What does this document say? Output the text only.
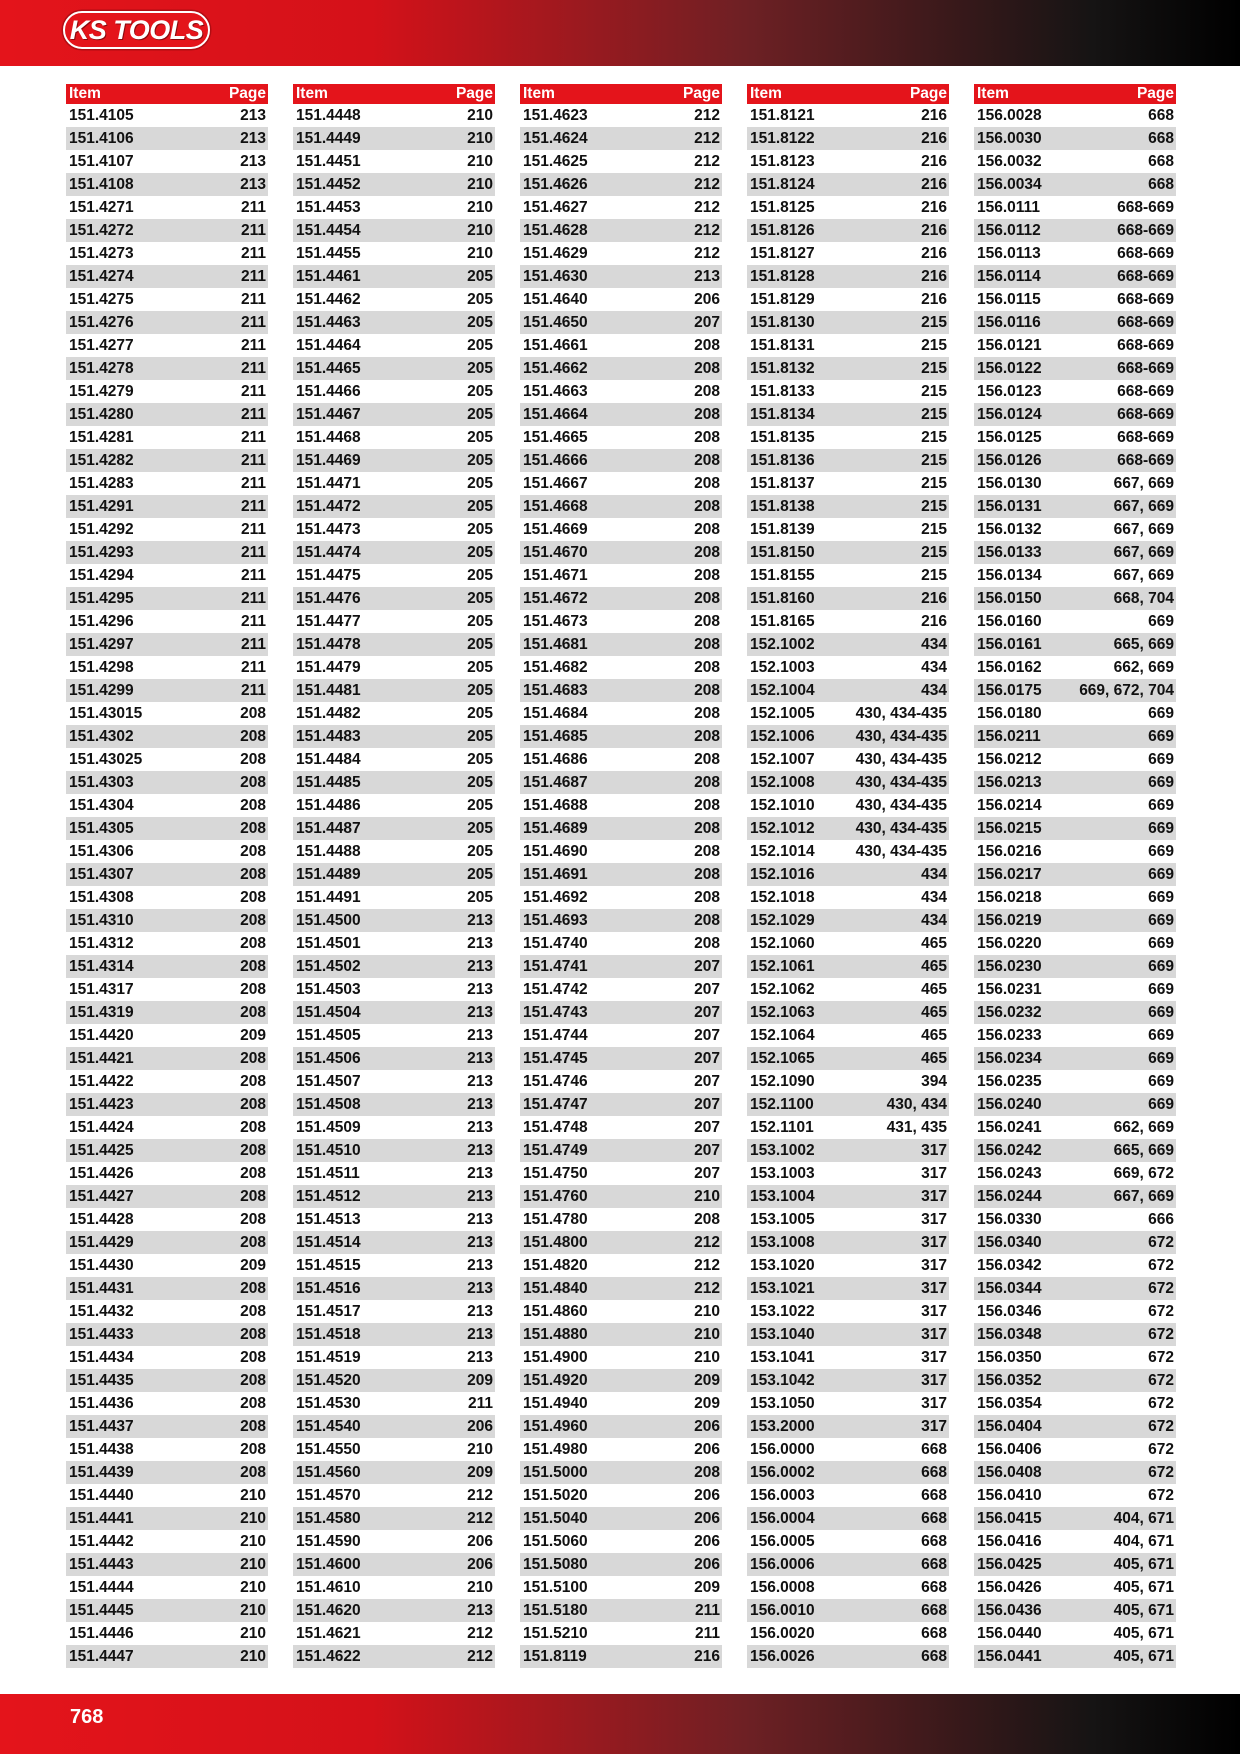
KS TOOLS
Item	Page
151.4105	213
151.4106	213
151.4107	213
151.4108	213
151.4271	211
151.4272	211
151.4273	211
151.4274	211
151.4275	211
151.4276	211
151.4277	211
151.4278	211
151.4279	211
151.4280	211
151.4281	211
151.4282	211
151.4283	211
151.4291	211
151.4292	211
151.4293	211
151.4294	211
151.4295	211
151.4296	211
151.4297	211
151.4298	211
151.4299	211
151.43015	208
151.4302	208
151.43025	208
151.4303	208
151.4304	208
151.4305	208
151.4306	208
151.4307	208
151.4308	208
151.4310	208
151.4312	208
151.4314	208
151.4317	208
151.4319	208
151.4420	209
151.4421	208
151.4422	208
151.4423	208
151.4424	208
151.4425	208
151.4426	208
151.4427	208
151.4428	208
151.4429	208
151.4430	209
151.4431	208
151.4432	208
151.4433	208
151.4434	208
151.4435	208
151.4436	208
151.4437	208
151.4438	208
151.4439	208
151.4440	210
151.4441	210
151.4442	210
151.4443	210
151.4444	210
151.4445	210
151.4446	210
151.4447	210
Item	Page
151.4448	210
151.4449	210
151.4451	210
151.4452	210
151.4453	210
151.4454	210
151.4455	210
151.4461	205
151.4462	205
151.4463	205
151.4464	205
151.4465	205
151.4466	205
151.4467	205
151.4468	205
151.4469	205
151.4471	205
151.4472	205
151.4473	205
151.4474	205
151.4475	205
151.4476	205
151.4477	205
151.4478	205
151.4479	205
151.4481	205
151.4482	205
151.4483	205
151.4484	205
151.4485	205
151.4486	205
151.4487	205
151.4488	205
151.4489	205
151.4491	205
151.4500	213
151.4501	213
151.4502	213
151.4503	213
151.4504	213
151.4505	213
151.4506	213
151.4507	213
151.4508	213
151.4509	213
151.4510	213
151.4511	213
151.4512	213
151.4513	213
151.4514	213
151.4515	213
151.4516	213
151.4517	213
151.4518	213
151.4519	213
151.4520	209
151.4530	211
151.4540	206
151.4550	210
151.4560	209
151.4570	212
151.4580	212
151.4590	206
151.4600	206
151.4610	210
151.4620	213
151.4621	212
151.4622	212
Item	Page
151.4623	212
151.4624	212
151.4625	212
151.4626	212
151.4627	212
151.4628	212
151.4629	212
151.4630	213
151.4640	206
151.4650	207
151.4661	208
151.4662	208
151.4663	208
151.4664	208
151.4665	208
151.4666	208
151.4667	208
151.4668	208
151.4669	208
151.4670	208
151.4671	208
151.4672	208
151.4673	208
151.4681	208
151.4682	208
151.4683	208
151.4684	208
151.4685	208
151.4686	208
151.4687	208
151.4688	208
151.4689	208
151.4690	208
151.4691	208
151.4692	208
151.4693	208
151.4740	208
151.4741	207
151.4742	207
151.4743	207
151.4744	207
151.4745	207
151.4746	207
151.4747	207
151.4748	207
151.4749	207
151.4750	207
151.4760	210
151.4780	208
151.4800	212
151.4820	212
151.4840	212
151.4860	210
151.4880	210
151.4900	210
151.4920	209
151.4940	209
151.4960	206
151.4980	206
151.5000	208
151.5020	206
151.5040	206
151.5060	206
151.5080	206
151.5100	209
151.5180	211
151.5210	211
151.8119	216
Item	Page
151.8121	216
151.8122	216
151.8123	216
151.8124	216
151.8125	216
151.8126	216
151.8127	216
151.8128	216
151.8129	216
151.8130	215
151.8131	215
151.8132	215
151.8133	215
151.8134	215
151.8135	215
151.8136	215
151.8137	215
151.8138	215
151.8139	215
151.8150	215
151.8155	215
151.8160	216
151.8165	216
152.1002	434
152.1003	434
152.1004	434
152.1005	430, 434-435
152.1006	430, 434-435
152.1007	430, 434-435
152.1008	430, 434-435
152.1010	430, 434-435
152.1012	430, 434-435
152.1014	430, 434-435
152.1016	434
152.1018	434
152.1029	434
152.1060	465
152.1061	465
152.1062	465
152.1063	465
152.1064	465
152.1065	465
152.1090	394
152.1100	430, 434
152.1101	431, 435
153.1002	317
153.1003	317
153.1004	317
153.1005	317
153.1008	317
153.1020	317
153.1021	317
153.1022	317
153.1040	317
153.1041	317
153.1042	317
153.1050	317
153.2000	317
156.0000	668
156.0002	668
156.0003	668
156.0004	668
156.0005	668
156.0006	668
156.0008	668
156.0010	668
156.0020	668
156.0026	668
Item	Page
156.0028	668
156.0030	668
156.0032	668
156.0034	668
156.0111	668-669
156.0112	668-669
156.0113	668-669
156.0114	668-669
156.0115	668-669
156.0116	668-669
156.0121	668-669
156.0122	668-669
156.0123	668-669
156.0124	668-669
156.0125	668-669
156.0126	668-669
156.0130	667, 669
156.0131	667, 669
156.0132	667, 669
156.0133	667, 669
156.0134	667, 669
156.0150	668, 704
156.0160	669
156.0161	665, 669
156.0162	662, 669
156.0175 669, 672, 704
156.0180	669
156.0211	669
156.0212	669
156.0213	669
156.0214	669
156.0215	669
156.0216	669
156.0217	669
156.0218	669
156.0219	669
156.0220	669
156.0230	669
156.0231	669
156.0232	669
156.0233	669
156.0234	669
156.0235	669
156.0240	669
156.0241	662, 669
156.0242	665, 669
156.0243	669, 672
156.0244	667, 669
156.0330	666
156.0340	672
156.0342	672
156.0344	672
156.0346	672
156.0348	672
156.0350	672
156.0352	672
156.0354	672
156.0404	672
156.0406	672
156.0408	672
156.0410	672
156.0415	404, 671
156.0416	404, 671
156.0425	405, 671
156.0426	405, 671
156.0436	405, 671
156.0440	405, 671
156.0441	405, 671
768
